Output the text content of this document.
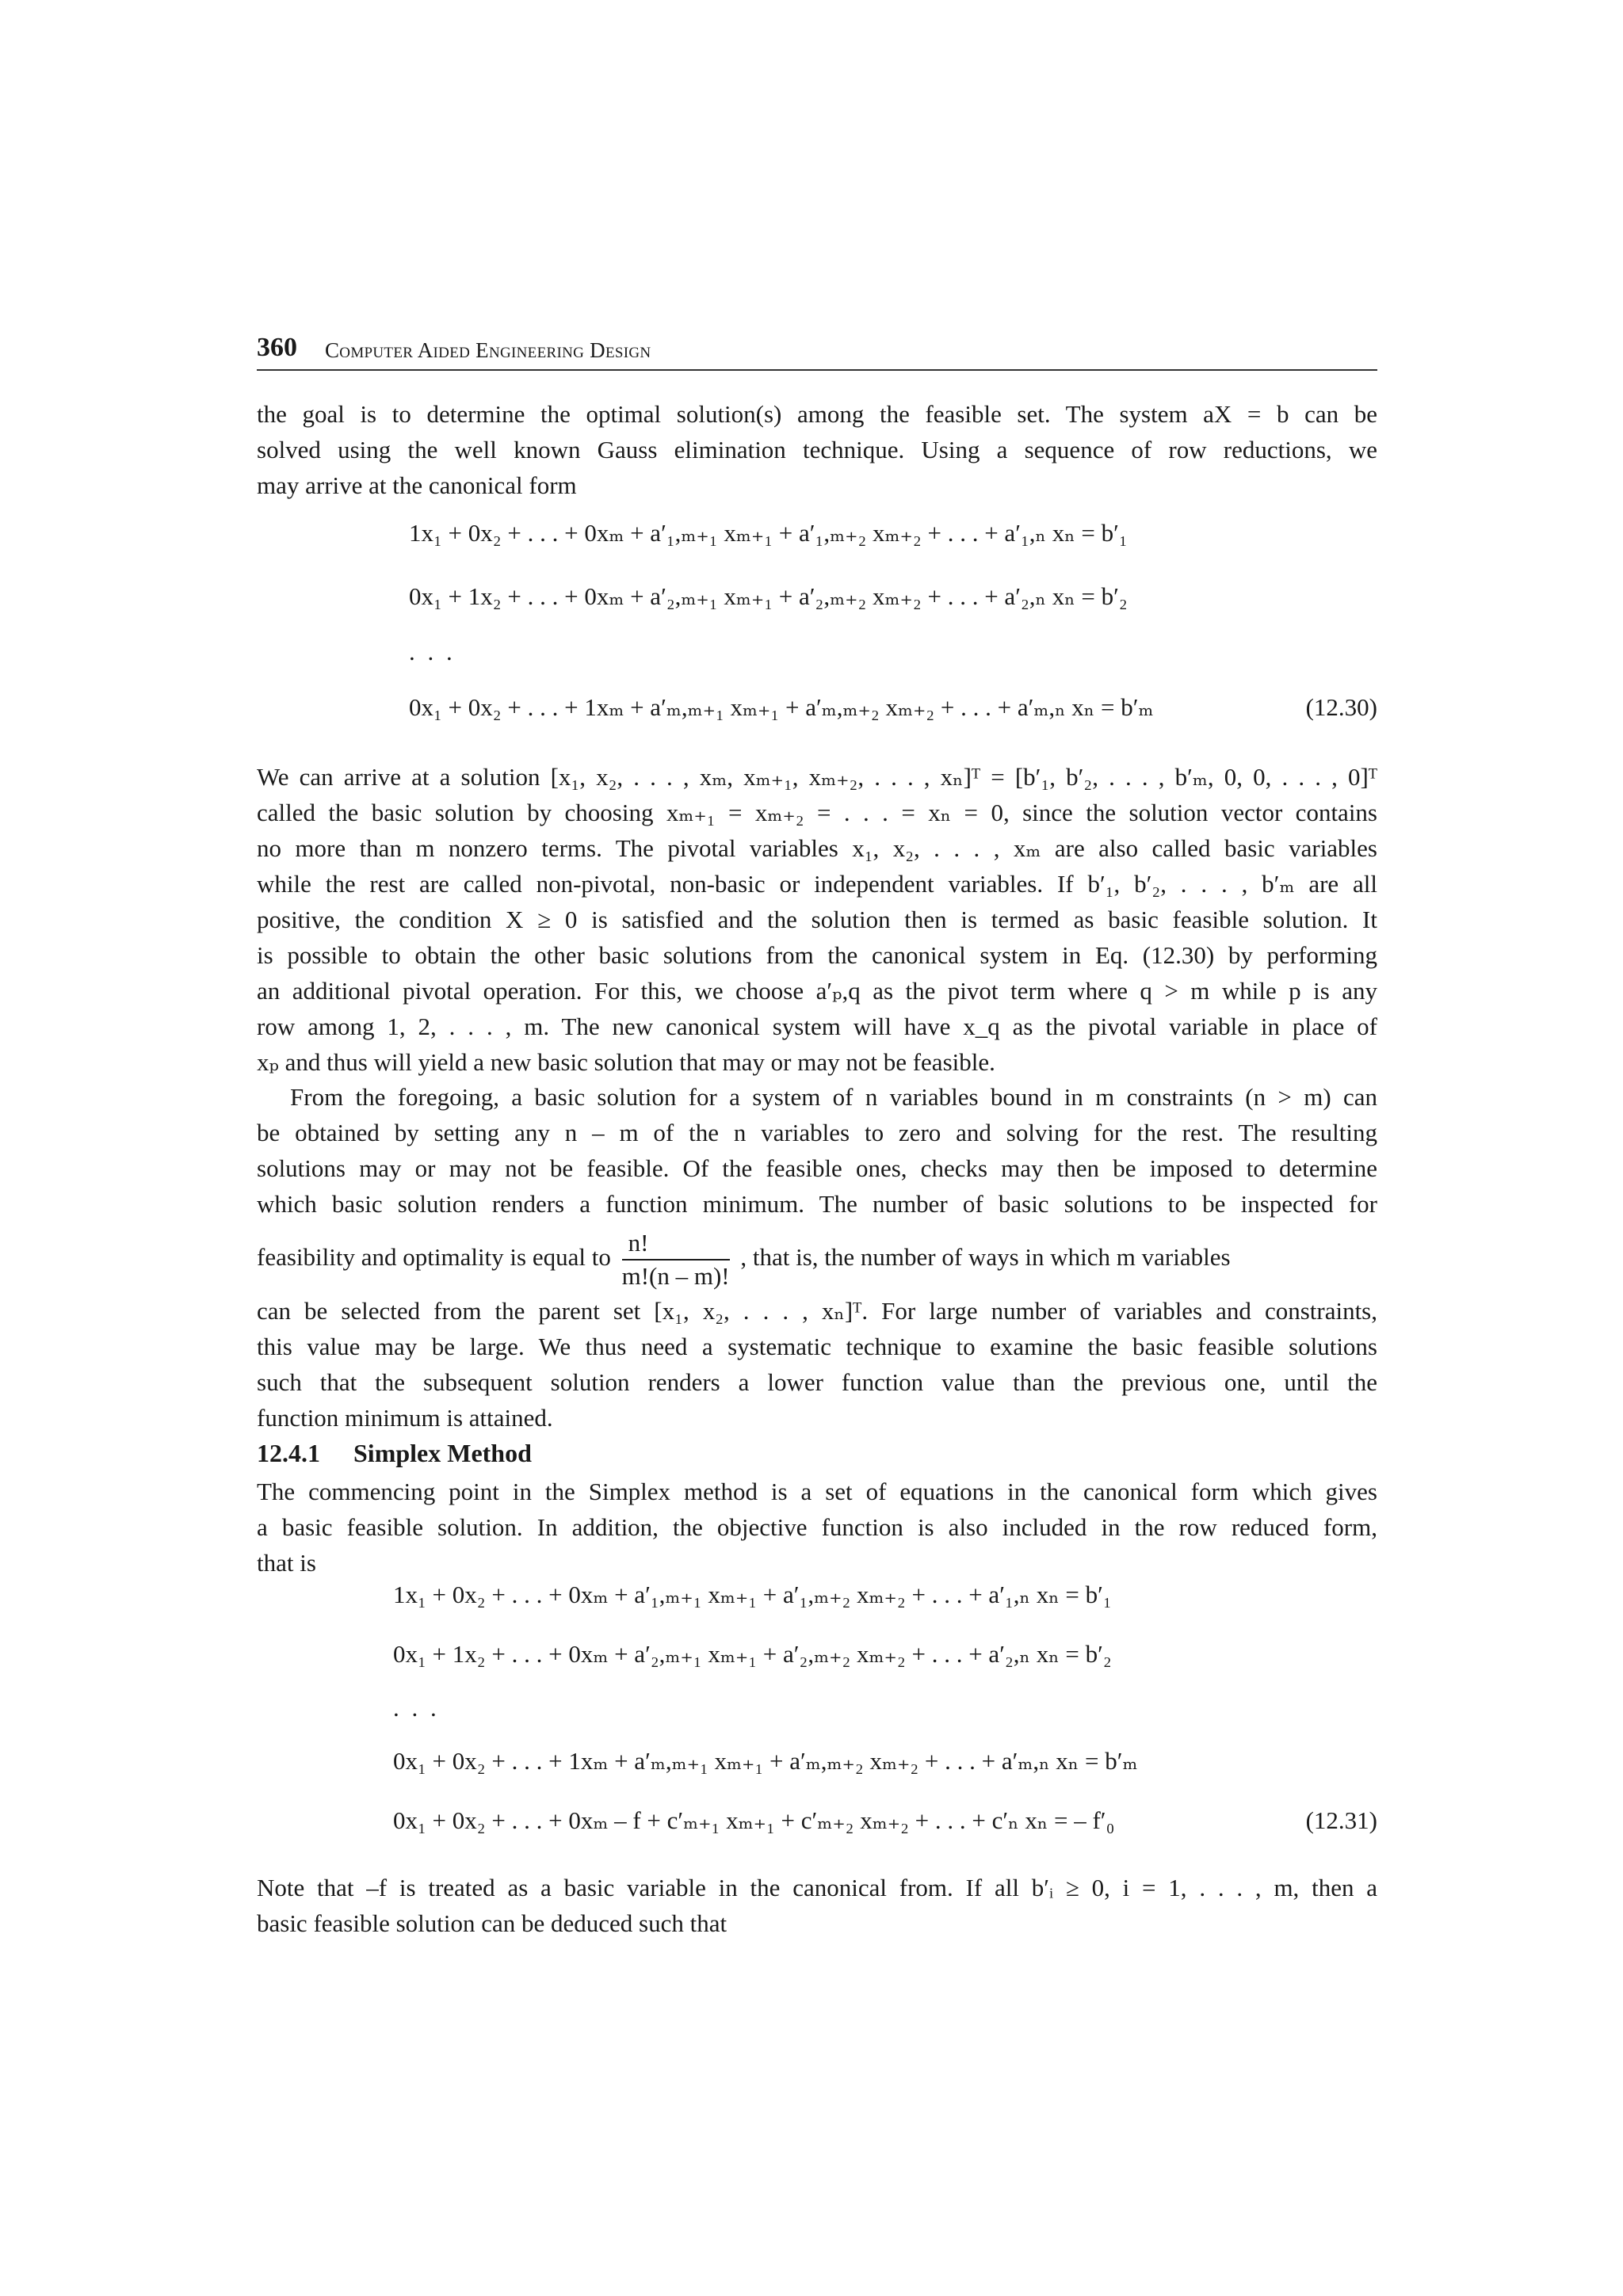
360 Computer Aided Engineering Design
the goal is to determine the optimal solution(s) among the feasible set. The system aX = b can be
solved using the well known Gauss elimination technique. Using a sequence of row reductions, we
may arrive at the canonical form
1x₁ + 0x₂ + . . . + 0xₘ + a′₁,ₘ₊₁ xₘ₊₁ + a′₁,ₘ₊₂ xₘ₊₂ + . . . + a′₁,ₙ xₙ = b′₁
0x₁ + 1x₂ + . . . + 0xₘ + a′₂,ₘ₊₁ xₘ₊₁ + a′₂,ₘ₊₂ xₘ₊₂ + . . . + a′₂,ₙ xₙ = b′₂
. . .
0x₁ + 0x₂ + . . . + 1xₘ + a′ₘ,ₘ₊₁ xₘ₊₁ + a′ₘ,ₘ₊₂ xₘ₊₂ + . . . + a′ₘ,ₙ xₙ = b′ₘ	(12.30)
We can arrive at a solution [x₁, x₂, . . . , xₘ, xₘ₊₁, xₘ₊₂, . . . , xₙ]ᵀ = [b′₁, b′₂, . . . , b′ₘ, 0, 0, . . . , 0]ᵀ
called the basic solution by choosing xₘ₊₁ = xₘ₊₂ = . . . = xₙ = 0, since the solution vector contains
no more than m nonzero terms. The pivotal variables x₁, x₂, . . . , xₘ are also called basic variables
while the rest are called non-pivotal, non-basic or independent variables. If b′₁, b′₂, . . . , b′ₘ are all
positive, the condition X ≥ 0 is satisfied and the solution then is termed as basic feasible solution. It
is possible to obtain the other basic solutions from the canonical system in Eq. (12.30) by performing
an additional pivotal operation. For this, we choose a′ₚ,q as the pivot term where q > m while p is any
row among 1, 2, . . . , m. The new canonical system will have x_q as the pivotal variable in place of
xₚ and thus will yield a new basic solution that may or may not be feasible.
From the foregoing, a basic solution for a system of n variables bound in m constraints (n > m) can
be obtained by setting any n – m of the n variables to zero and solving for the rest. The resulting
solutions may or may not be feasible. Of the feasible ones, checks may then be imposed to determine
which basic solution renders a function minimum. The number of basic solutions to be inspected for
feasibility and optimality is equal to $\frac{n!}{m!(n - m)!}$ , that is, the number of ways in which m variables
can be selected from the parent set [x₁, x₂, . . . , xₙ]ᵀ. For large number of variables and constraints,
this value may be large. We thus need a systematic technique to examine the basic feasible solutions
such that the subsequent solution renders a lower function value than the previous one, until the
function minimum is attained.
12.4.1 Simplex Method
The commencing point in the Simplex method is a set of equations in the canonical form which gives
a basic feasible solution. In addition, the objective function is also included in the row reduced form,
that is
1x₁ + 0x₂ + . . . + 0xₘ + a′₁,ₘ₊₁ xₘ₊₁ + a′₁,ₘ₊₂ xₘ₊₂ + . . . + a′₁,ₙ xₙ = b′₁
0x₁ + 1x₂ + . . . + 0xₘ + a′₂,ₘ₊₁ xₘ₊₁ + a′₂,ₘ₊₂ xₘ₊₂ + . . . + a′₂,ₙ xₙ = b′₂
. . .
0x₁ + 0x₂ + . . . + 1xₘ + a′ₘ,ₘ₊₁ xₘ₊₁ + a′ₘ,ₘ₊₂ xₘ₊₂ + . . . + a′ₘ,ₙ xₙ = b′ₘ
0x₁ + 0x₂ + . . . + 0xₘ – f + c′ₘ₊₁ xₘ₊₁ + c′ₘ₊₂ xₘ₊₂ + . . . + c′ₙ xₙ = – f′₀	(12.31)
Note that –f is treated as a basic variable in the canonical from. If all b′ᵢ ≥ 0, i = 1, . . . , m, then a
basic feasible solution can be deduced such that
